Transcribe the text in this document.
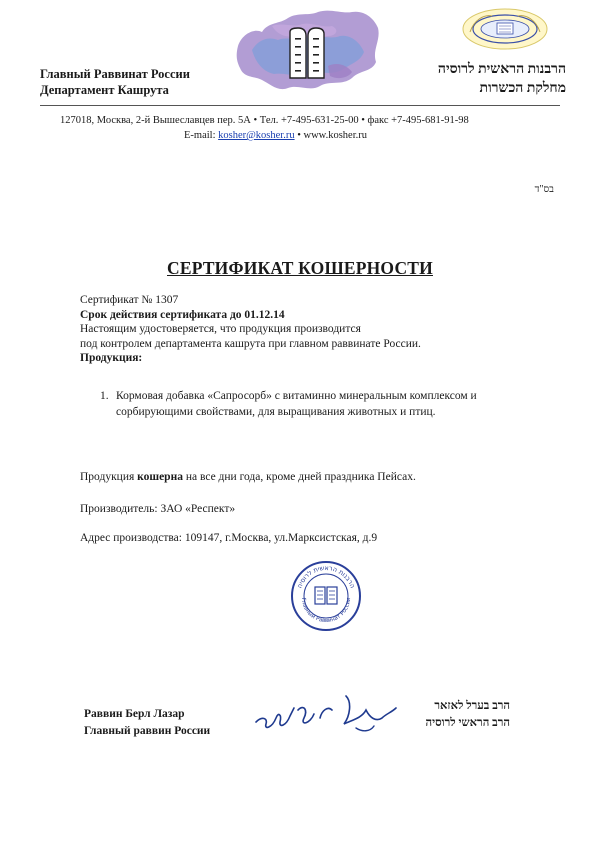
Главный Раввинат России
Департамент Кашрута
הרבנות הראשית לרוסיה
מחלקת הכשרות
127018, Москва, 2-й Вышеславцев пер. 5А • Тел. +7-495-631-25-00 • факс +7-495-681-91-98
E-mail: kosher@kosher.ru • www.kosher.ru
בס"ד
СЕРТИФИКАТ КОШЕРНОСТИ
Сертификат № 1307
Срок действия сертификата до 01.12.14
Настоящим удостоверяется, что продукция производится
под контролем департамента кашрута при главном раввинате России.
Продукция:
1. Кормовая добавка «Сапросорб» с витаминно минеральным комплексом и
сорбирующими свойствами, для выращивания животных и птиц.
Продукция кошерна на все дни года, кроме дней праздника Пейсах.
Производитель: ЗАО «Респект»
Адрес производства: 109147, г.Москва, ул.Марксистская, д.9
הרבנות הראשית לרוסיה
Главный Раввинат России
Раввин Берл Лазар
Главный раввин России
הרב בערל לאזאר
הרב הראשי לרוסיה
